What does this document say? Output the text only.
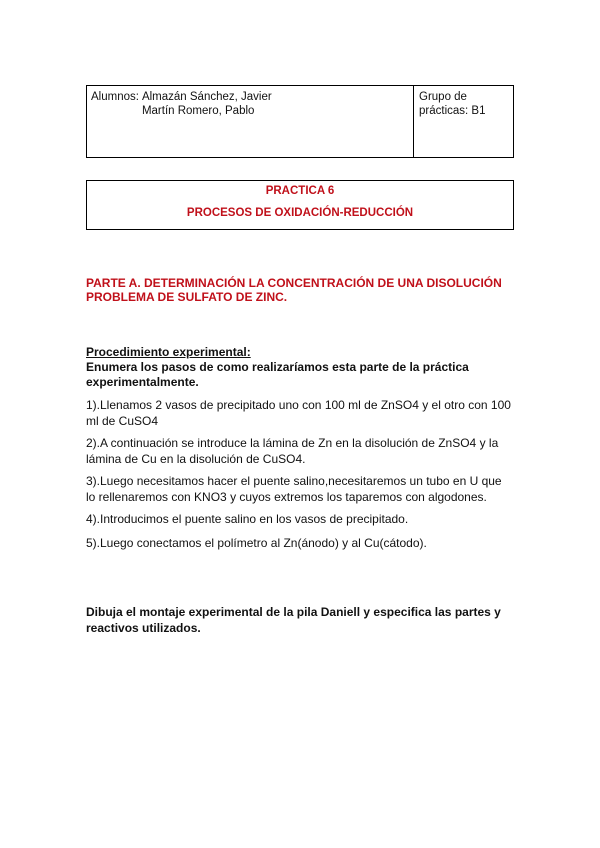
Alumnos: Almazán Sánchez, Javier
Martín Romero, Pablo
Grupo de
prácticas: B1
PRACTICA 6
PROCESOS DE OXIDACIÓN-REDUCCIÓN
PARTE A. DETERMINACIÓN LA CONCENTRACIÓN DE UNA DISOLUCIÓN
PROBLEMA DE SULFATO DE ZINC.
Procedimiento experimental:
Enumera los pasos de como realizaríamos esta parte de la práctica
experimentalmente.
1).Llenamos 2 vasos de precipitado uno con 100 ml de ZnSO4 y el otro con 100
ml de CuSO4
2).A continuación se introduce la lámina de Zn en la disolución de ZnSO4 y la
lámina de Cu en la disolución de CuSO4.
3).Luego necesitamos hacer el puente salino,necesitaremos un tubo en U que
lo rellenaremos con KNO3 y cuyos extremos los taparemos con algodones.
4).Introducimos el puente salino en los vasos de precipitado.
5).Luego conectamos el polímetro al Zn(ánodo) y al Cu(cátodo).
Dibuja el montaje experimental de la pila Daniell y especifica las partes y
reactivos utilizados.
